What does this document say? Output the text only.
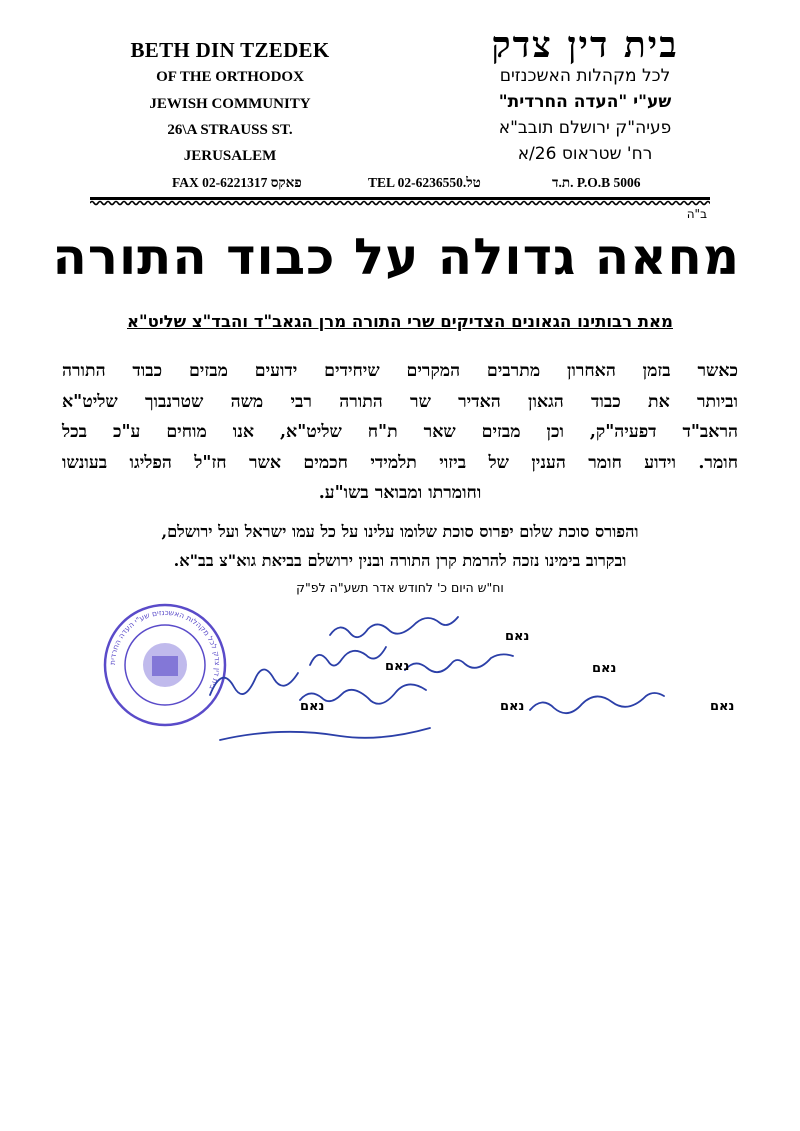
BETH DIN TZEDEK
OF THE ORTHODOX
JEWISH COMMUNITY
26\A STRAUSS ST.
JERUSALEM
בית דין צדק
לכל מקהלות האשכנזים
שע"י "העדה החרדית"
פעיה"ק ירושלם תובב"א
רח' שטראוס 26/א
FAX 02-6221317 פאקס	TEL 02-6236550.טל	ת.ד. P.O.B 5006
ב"ה
מחאה גדולה על כבוד התורה
מאת רבותינו הגאונים הצדיקים שרי התורה מרן הגאב"ד והבד"צ שליט"א
כאשר בזמן האחרון מתרבים המקרים שיחידים ידועים מבזים כבוד התורה
וביותר את כבוד הגאון האדיר שר התורה רבי משה שטרנבוך שליט"א
הראב"ד דפעיה"ק, וכן מבזים שאר ת"ח שליט"א, אנו מוחים ע"כ בכל
חומר. וידוע חומר הענין של ביזוי תלמידי חכמים אשר חז"ל הפליגו בעונשו
וחומרתו ומבואר בשו"ע.
והפורס סוכת שלום יפרוס סוכת שלומו עלינו על כל עמו ישראל ועל ירושלם,
ובקרוב בימינו נזכה להרמת קרן התורה ובנין ירושלם בביאת גוא"צ בב"א.
וח"ש היום כ' לחודש אדר תשע"ה לפ"ק
בית דין צדק לכל מקהלות האשכנזים שע"י העדה החרדית
נאם
נאם	נאם
נאם	נאם	נאם
